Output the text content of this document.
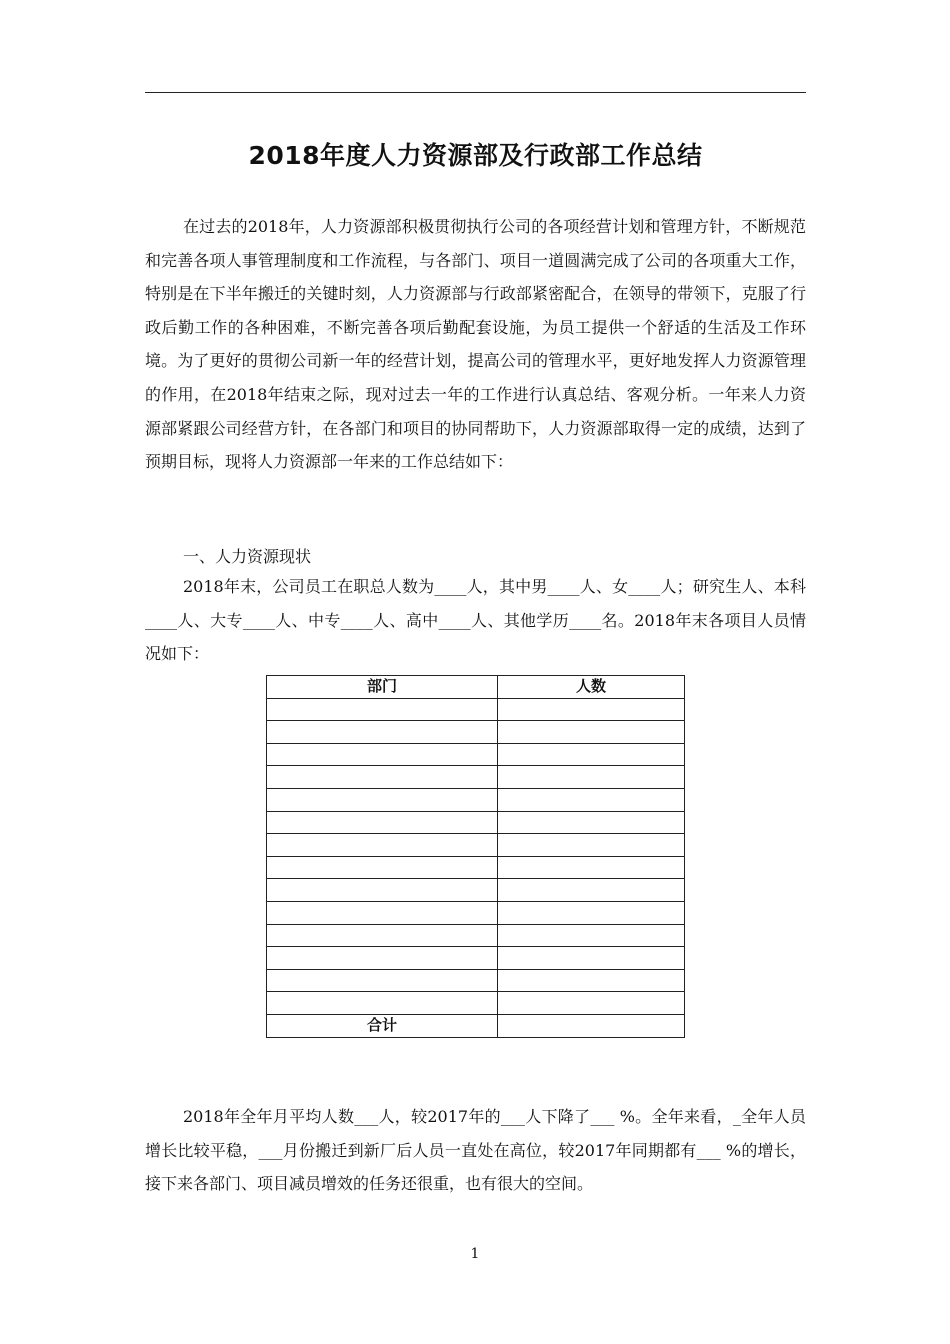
2018年度人力资源部及行政部工作总结

在过去的2018年，人力资源部积极贯彻执行公司的各项经营计划和管理方针，不断规范和完善各项人事管理制度和工作流程，与各部门、项目一道圆满完成了公司的各项重大工作，特别是在下半年搬迁的关键时刻，人力资源部与行政部紧密配合，在领导的带领下，克服了行政后勤工作的各种困难，不断完善各项后勤配套设施，为员工提供一个舒适的生活及工作环境。为了更好的贯彻公司新一年的经营计划，提高公司的管理水平，更好地发挥人力资源管理的作用，在2018年结束之际，现对过去一年的工作进行认真总结、客观分析。一年来人力资源部紧跟公司经营方针，在各部门和项目的协同帮助下，人力资源部取得一定的成绩，达到了预期目标，现将人力资源部一年来的工作总结如下：

一、人力资源现状

2018年末，公司员工在职总人数为____人，其中男____人、女____人；研究生人、本科____人、大专____人、中专____人、高中____人、其他学历____名。2018年末各项目人员情况如下：

部门	人数

合计	

2018年全年月平均人数___人，较2017年的___人下降了___ %。全年来看，_全年人员增长比较平稳，___月份搬迁到新厂后人员一直处在高位，较2017年同期都有___ %的增长，接下来各部门、项目减员增效的任务还很重，也有很大的空间。

1
